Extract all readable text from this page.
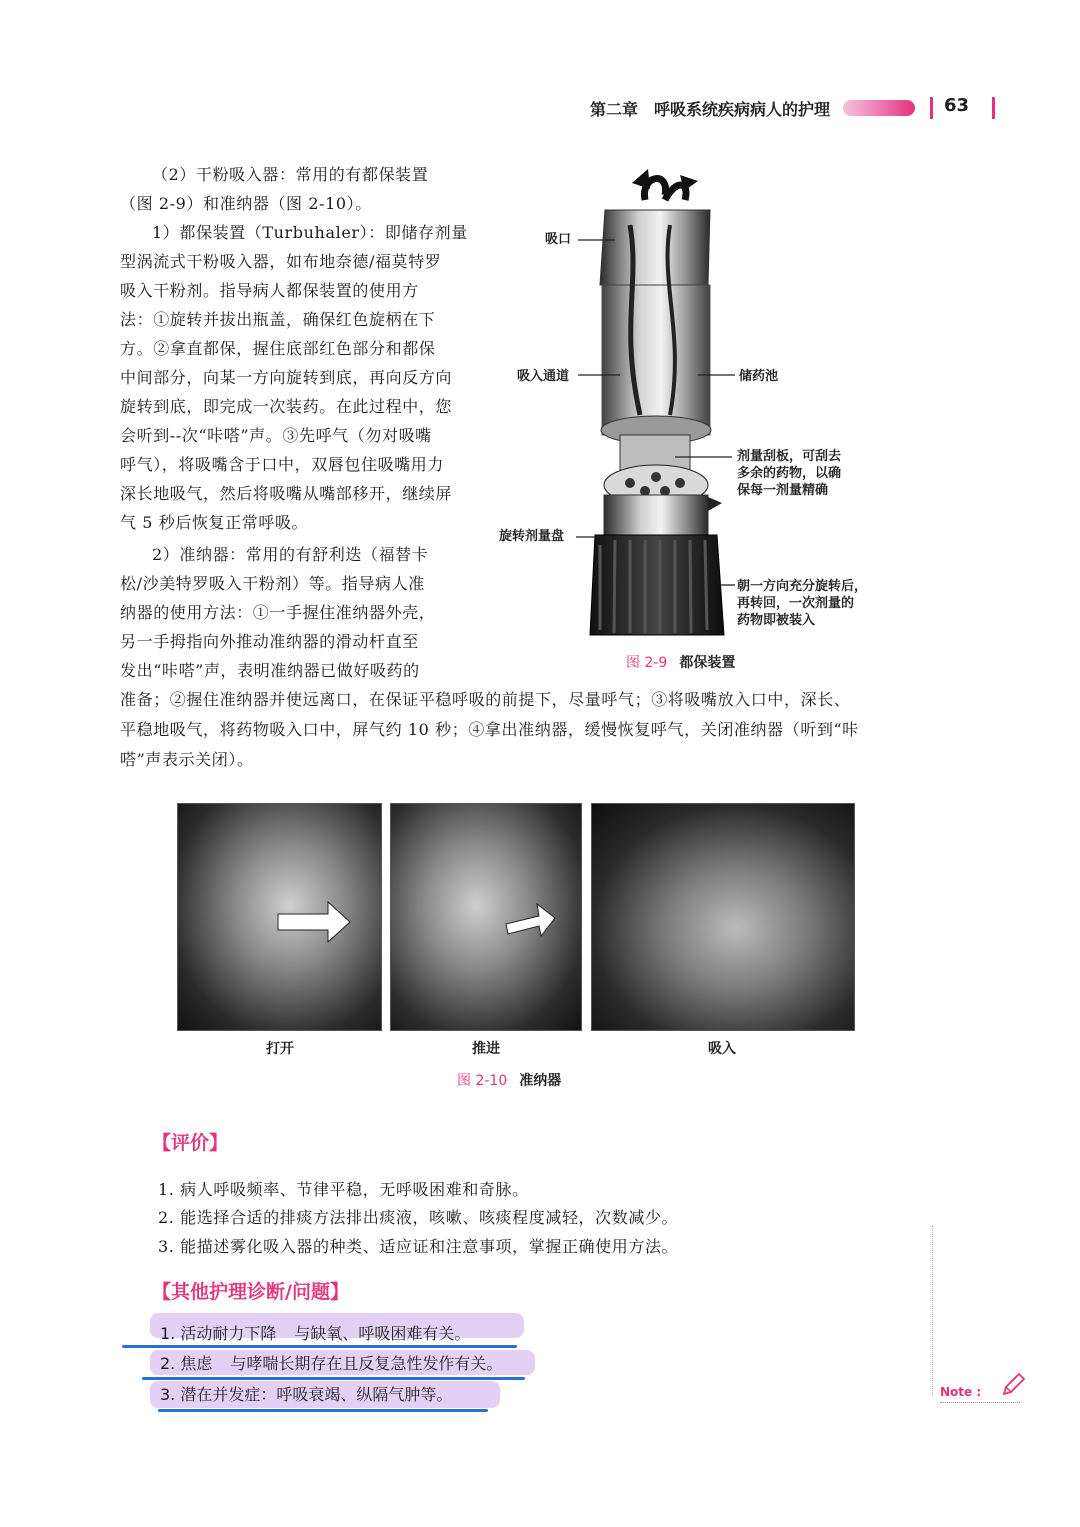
第二章　呼吸系统疾病病人的护理	63
（2）干粉吸入器：常用的有都保装置
（图 2-9）和准纳器（图 2-10）。
1）都保装置（Turbuhaler）：即储存剂量
型涡流式干粉吸入器，如布地奈德/福莫特罗
吸入干粉剂。指导病人都保装置的使用方
法：①旋转并拔出瓶盖，确保红色旋柄在下
方。②拿直都保，握住底部红色部分和都保
中间部分，向某一方向旋转到底，再向反方向
旋转到底，即完成一次装药。在此过程中，您
会听到--次“咔嗒”声。③先呼气（勿对吸嘴
呼气），将吸嘴含于口中，双唇包住吸嘴用力
深长地吸气，然后将吸嘴从嘴部移开，继续屏
气 5 秒后恢复正常呼吸。
2）准纳器：常用的有舒利迭（福替卡
松/沙美特罗吸入干粉剂）等。指导病人准
纳器的使用方法：①一手握住准纳器外壳，
另一手拇指向外推动准纳器的滑动杆直至
发出“咔嗒”声，表明准纳器已做好吸药的
准备；②握住准纳器并使远离口，在保证平稳呼吸的前提下，尽量呼气；③将吸嘴放入口中，深长、
平稳地吸气，将药物吸入口中，屏气约 10 秒；④拿出准纳器，缓慢恢复呼气，关闭准纳器（听到“咔
嗒”声表示关闭）。
吸口
吸入通道	储药池
剂量刮板，可刮去
多余的药物，以确
保每一剂量精确
旋转剂量盘
朝一方向充分旋转后，
再转回，一次剂量的
药物即被装入
图 2-9 都保装置
打开	推进	吸入
图 2-10 准纳器
【评价】
1. 病人呼吸频率、节律平稳，无呼吸困难和奇脉。
2. 能选择合适的排痰方法排出痰液，咳嗽、咳痰程度减轻，次数减少。
3. 能描述雾化吸入器的种类、适应证和注意事项，掌握正确使用方法。
【其他护理诊断/问题】
1. 活动耐力下降 与缺氧、呼吸困难有关。
2. 焦虑 与哮喘长期存在且反复急性发作有关。
3. 潜在并发症：呼吸衰竭、纵隔气肿等。	Note :
